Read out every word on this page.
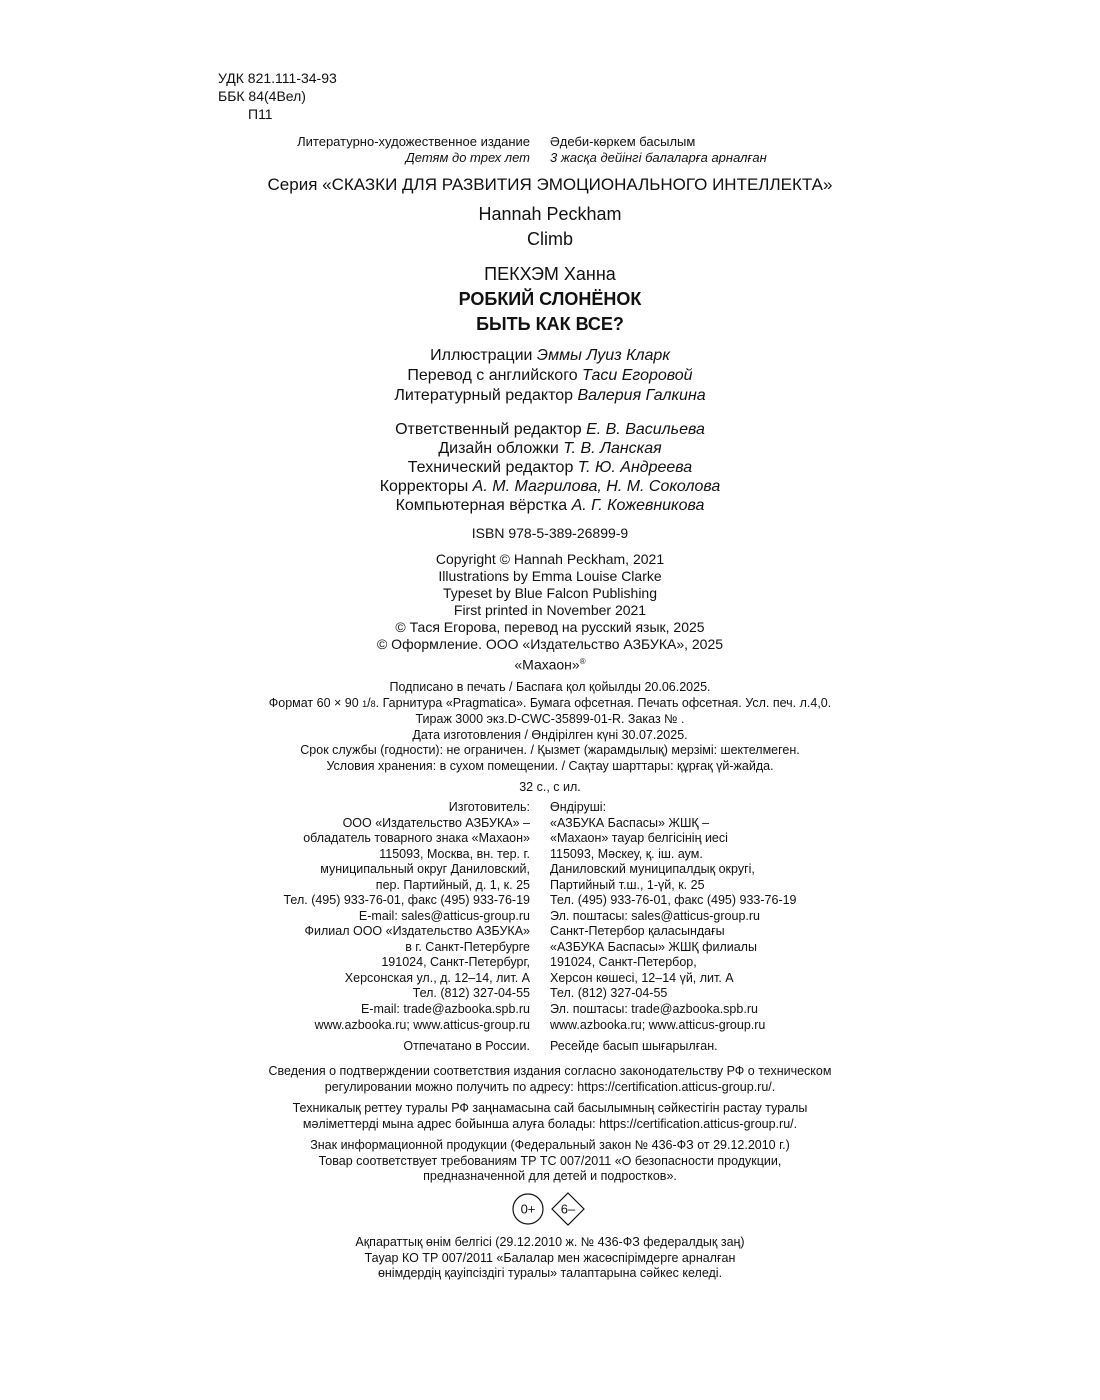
УДК 821.111-34-93
ББК 84(4Вел)
П11
Литературно-художественное издание
Детям до трех лет
Әдеби-көркем басылым
3 жасқа дейінгі балаларға арналған
Серия «СКАЗКИ ДЛЯ РАЗВИТИЯ ЭМОЦИОНАЛЬНОГО ИНТЕЛЛЕКТА»
Hannah Peckham
Climb
ПЕКХЭМ Ханна
РОБКИЙ СЛОНЁНОК
БЫТЬ КАК ВСЕ?
Иллюстрации Эммы Луиз Кларк
Перевод с английского Таси Егоровой
Литературный редактор Валерия Галкина
Ответственный редактор Е. В. Васильева
Дизайн обложки Т. В. Ланская
Технический редактор Т. Ю. Андреева
Корректоры А. М. Магрилова, Н. М. Соколова
Компьютерная вёрстка А. Г. Кожевникова
ISBN 978-5-389-26899-9
Copyright © Hannah Peckham, 2021
Illustrations by Emma Louise Clarke
Typeset by Blue Falcon Publishing
First printed in November 2021
© Тася Егорова, перевод на русский язык, 2025
© Оформление. ООО «Издательство АЗБУКА», 2025
«Махаон»®
Подписано в печать / Баспаға қол қойылды 20.06.2025.
Формат 60 × 90 1/8. Гарнитура «Pragmatica». Бумага офсетная. Печать офсетная. Усл. печ. л.4,0.
Тираж 3000 экз.D-CWC-35899-01-R. Заказ № .
Дата изготовления / Өндірілген күні 30.07.2025.
Срок службы (годности): не ограничен. / Қызмет (жарамдылық) мерзімі: шектелмеген.
Условия хранения: в сухом помещении. / Сақтау шарттары: құрғақ үй-жайда.
32 с., с ил.
Изготовитель:
ООО «Издательство АЗБУКА» –
обладатель товарного знака «Махаон»
115093, Москва, вн. тер. г.
муниципальный округ Даниловский,
пер. Партийный, д. 1, к. 25
Тел. (495) 933-76-01, факс (495) 933-76-19
E-mail: sales@atticus-group.ru
Өндіруші:
«АЗБУКА Баспасы» ЖШҚ –
«Махаон» тауар белгісінің иесі
115093, Мәскеу, қ. іш. аум.
Даниловский муниципалдық округі,
Партийный т.ш., 1-үй, к. 25
Тел. (495) 933-76-01, факс (495) 933-76-19
Эл. поштасы: sales@atticus-group.ru
Филиал ООО «Издательство АЗБУКА»
в г. Санкт-Петербурге
191024, Санкт-Петербург,
Херсонская ул., д. 12–14, лит. А
Тел. (812) 327-04-55
E-mail: trade@azbooka.spb.ru
Санкт-Петербор қаласындағы
«АЗБУКА Баспасы» ЖШҚ филиалы
191024, Санкт-Петербор,
Херсон көшесі, 12–14 үй, лит. А
Тел. (812) 327-04-55
Эл. поштасы: trade@azbooka.spb.ru
www.azbooka.ru; www.atticus-group.ru	www.azbooka.ru; www.atticus-group.ru
Отпечатано в России.	Ресейде басып шығарылған.
Сведения о подтверждении соответствия издания согласно законодательству РФ о техническом
регулировании можно получить по адресу: https://certification.atticus-group.ru/.
Техникалық реттеу туралы РФ заңнамасына сай басылымның сәйкестігін растау туралы
мәліметтерді мына адрес бойынша алуға болады: https://certification.atticus-group.ru/.
Знак информационной продукции (Федеральный закон № 436-ФЗ от 29.12.2010 г.)
Товар соответствует требованиям ТР ТС 007/2011 «О безопасности продукции,
предназначенной для детей и подростков».
0+ 6–
Ақпараттық өнім белгісі (29.12.2010 ж. № 436-ФЗ федералдық заң)
Тауар КО ТР 007/2011 «Балалар мен жасөспірімдерге арналған
өнімдердің қауіпсіздігі туралы» талаптарына сәйкес келеді.
